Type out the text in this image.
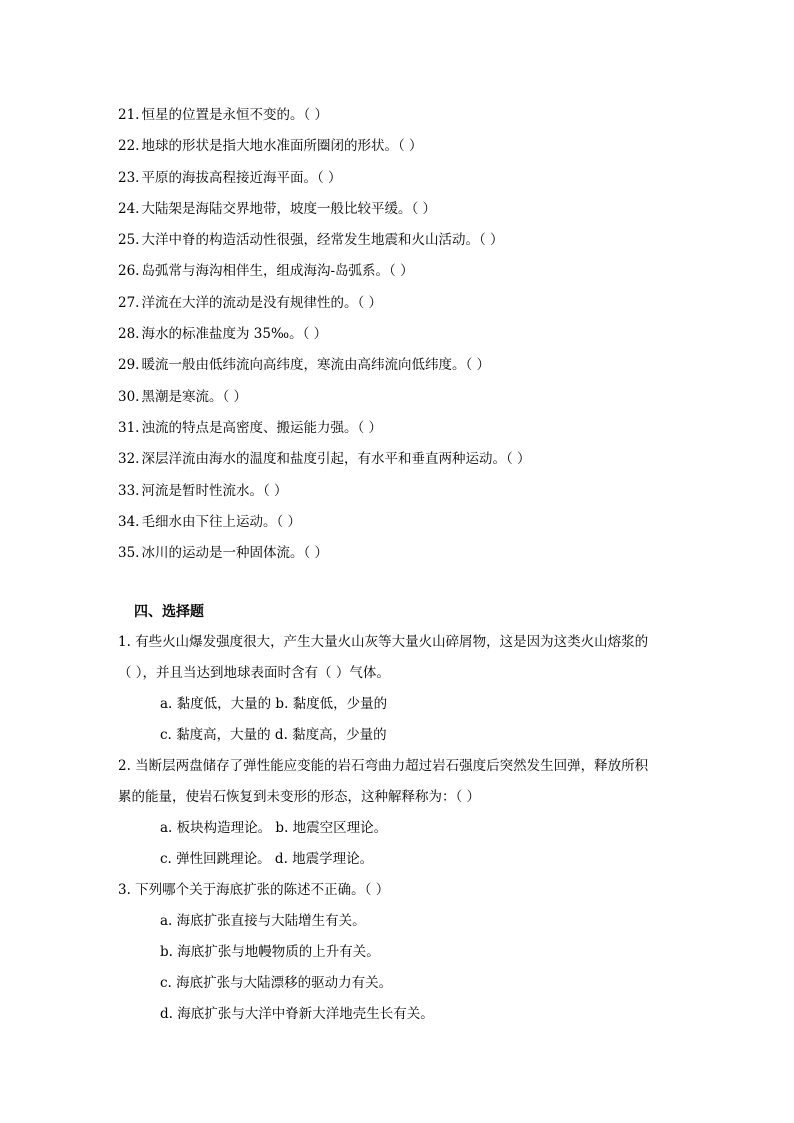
21. 恒星的位置是永恒不变的。（ ）
22. 地球的形状是指大地水准面所圈闭的形状。（ ）
23. 平原的海拔高程接近海平面。（ ）
24. 大陆架是海陆交界地带，坡度一般比较平缓。（ ）
25. 大洋中脊的构造活动性很强，经常发生地震和火山活动。（ ）
26. 岛弧常与海沟相伴生，组成海沟-岛弧系。（ ）
27. 洋流在大洋的流动是没有规律性的。（ ）
28. 海水的标准盐度为 35‰。（ ）
29. 暖流一般由低纬流向高纬度，寒流由高纬流向低纬度。（ ）
30. 黑潮是寒流。（ ）
31. 浊流的特点是高密度、搬运能力强。（ ）
32. 深层洋流由海水的温度和盐度引起，有水平和垂直两种运动。（ ）
33. 河流是暂时性流水。（ ）
34. 毛细水由下往上运动。（ ）
35. 冰川的运动是一种固体流。（ ）
四、选择题

1. 有些火山爆发强度很大，产生大量火山灰等大量火山碎屑物，这是因为这类火山熔浆的

（ ），并且当达到地球表面时含有（ ）气体。

a. 黏度低，大量的 b. 黏度低，少量的

c. 黏度高，大量的 d. 黏度高，少量的

2. 当断层两盘储存了弹性能应变能的岩石弯曲力超过岩石强度后突然发生回弹，释放所积

累的能量，使岩石恢复到未变形的形态，这种解释称为：（ ）

a. 板块构造理论。 b. 地震空区理论。

c. 弹性回跳理论。 d. 地震学理论。

3. 下列哪个关于海底扩张的陈述不正确。（ ）

a. 海底扩张直接与大陆增生有关。

b. 海底扩张与地幔物质的上升有关。

c. 海底扩张与大陆漂移的驱动力有关。

d. 海底扩张与大洋中脊新大洋地壳生长有关。
